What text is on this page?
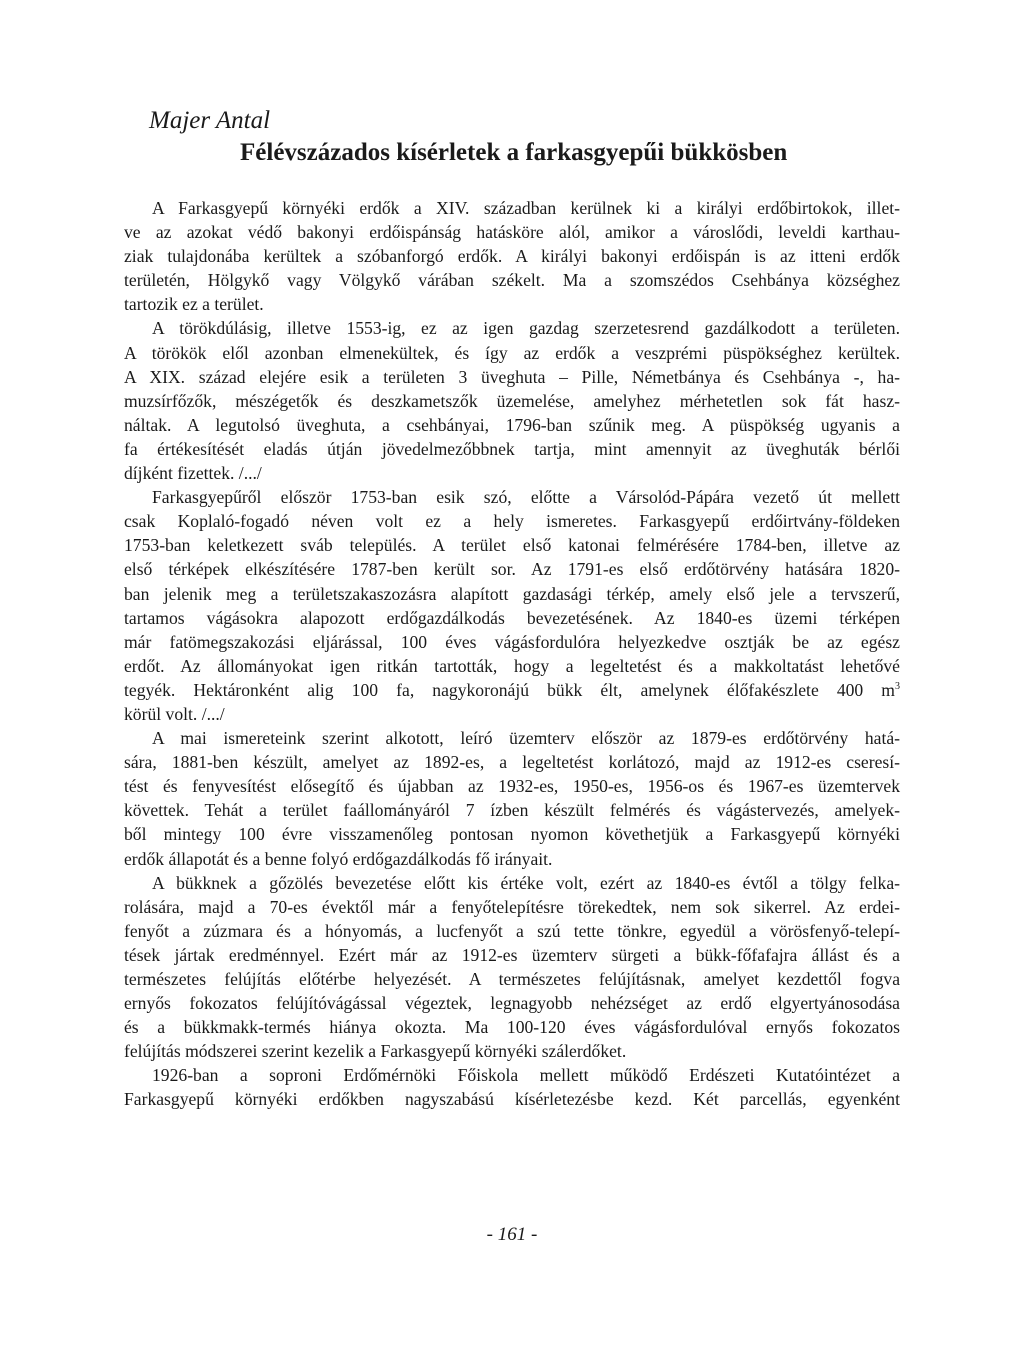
Majer Antal
Félévszázados kísérletek a farkasgyepűi bükkösben
A Farkasgyepű környéki erdők a XIV. században kerülnek ki a királyi erdőbirtokok, illet-
ve az azokat védő bakonyi erdőispánság hatásköre alól, amikor a városlődi, leveldi karthau-
ziak tulajdonába kerültek a szóbanforgó erdők. A királyi bakonyi erdőispán is az itteni erdők
területén, Hölgykő vagy Völgykő várában székelt. Ma a szomszédos Csehbánya községhez
tartozik ez a terület.
A törökdúlásig, illetve 1553-ig, ez az igen gazdag szerzetesrend gazdálkodott a területen.
A törökök elől azonban elmenekültek, és így az erdők a veszprémi püspökséghez kerültek.
A XIX. század elejére esik a területen 3 üveghuta – Pille, Németbánya és Csehbánya -, ha-
muzsírfőzők, mészégetők és deszkametszők üzemelése, amelyhez mérhetetlen sok fát hasz-
náltak. A legutolsó üveghuta, a csehbányai, 1796-ban szűnik meg. A püspökség ugyanis a
fa értékesítését eladás útján jövedelmezőbbnek tartja, mint amennyit az üveghuták bérlői
díjként fizettek. /.../
Farkasgyepűről először 1753-ban esik szó, előtte a Vársolód-Pápára vezető út mellett
csak Koplaló-fogadó néven volt ez a hely ismeretes. Farkasgyepű erdőirtvány-földeken
1753-ban keletkezett sváb település. A terület első katonai felmérésére 1784-ben, illetve az
első térképek elkészítésére 1787-ben került sor. Az 1791-es első erdőtörvény hatására 1820-
ban jelenik meg a területszakaszozásra alapított gazdasági térkép, amely első jele a tervszerű,
tartamos vágásokra alapozott erdőgazdálkodás bevezetésének. Az 1840-es üzemi térképen
már fatömegszakozási eljárással, 100 éves vágásfordulóra helyezkedve osztják be az egész
erdőt. Az állományokat igen ritkán tartották, hogy a legeltetést és a makkoltatást lehetővé
tegyék. Hektáronként alig 100 fa, nagykoronájú bükk élt, amelynek élőfakészlete 400 $m^3$
körül volt. /.../
A mai ismereteink szerint alkotott, leíró üzemterv először az 1879-es erdőtörvény hatá-
sára, 1881-ben készült, amelyet az 1892-es, a legeltetést korlátozó, majd az 1912-es cseresí-
tést és fenyvesítést elősegítő és újabban az 1932-es, 1950-es, 1956-os és 1967-es üzemtervek
követtek. Tehát a terület faállományáról 7 ízben készült felmérés és vágástervezés, amelyek-
ből mintegy 100 évre visszamenőleg pontosan nyomon követhetjük a Farkasgyepű környéki
erdők állapotát és a benne folyó erdőgazdálkodás fő irányait.
A bükknek a gőzölés bevezetése előtt kis értéke volt, ezért az 1840-es évtől a tölgy felka-
rolására, majd a 70-es évektől már a fenyőtelepítésre törekedtek, nem sok sikerrel. Az erdei-
fenyőt a zúzmara és a hónyomás, a lucfenyőt a szú tette tönkre, egyedül a vörösfenyő-telepí-
tések jártak eredménnyel. Ezért már az 1912-es üzemterv sürgeti a bükk-főfafajra állást és a
természetes felújítás előtérbe helyezését. A természetes felújításnak, amelyet kezdettől fogva
ernyős fokozatos felújítóvágással végeztek, legnagyobb nehézséget az erdő elgyertyánosodása
és a bükkmakk-termés hiánya okozta. Ma 100-120 éves vágásfordulóval ernyős fokozatos
felújítás módszerei szerint kezelik a Farkasgyepű környéki szálerdőket.
1926-ban a soproni Erdőmérnöki Főiskola mellett működő Erdészeti Kutatóintézet a
Farkasgyepű környéki erdőkben nagyszabású kísérletezésbe kezd. Két parcellás, egyenként
- 161 -
